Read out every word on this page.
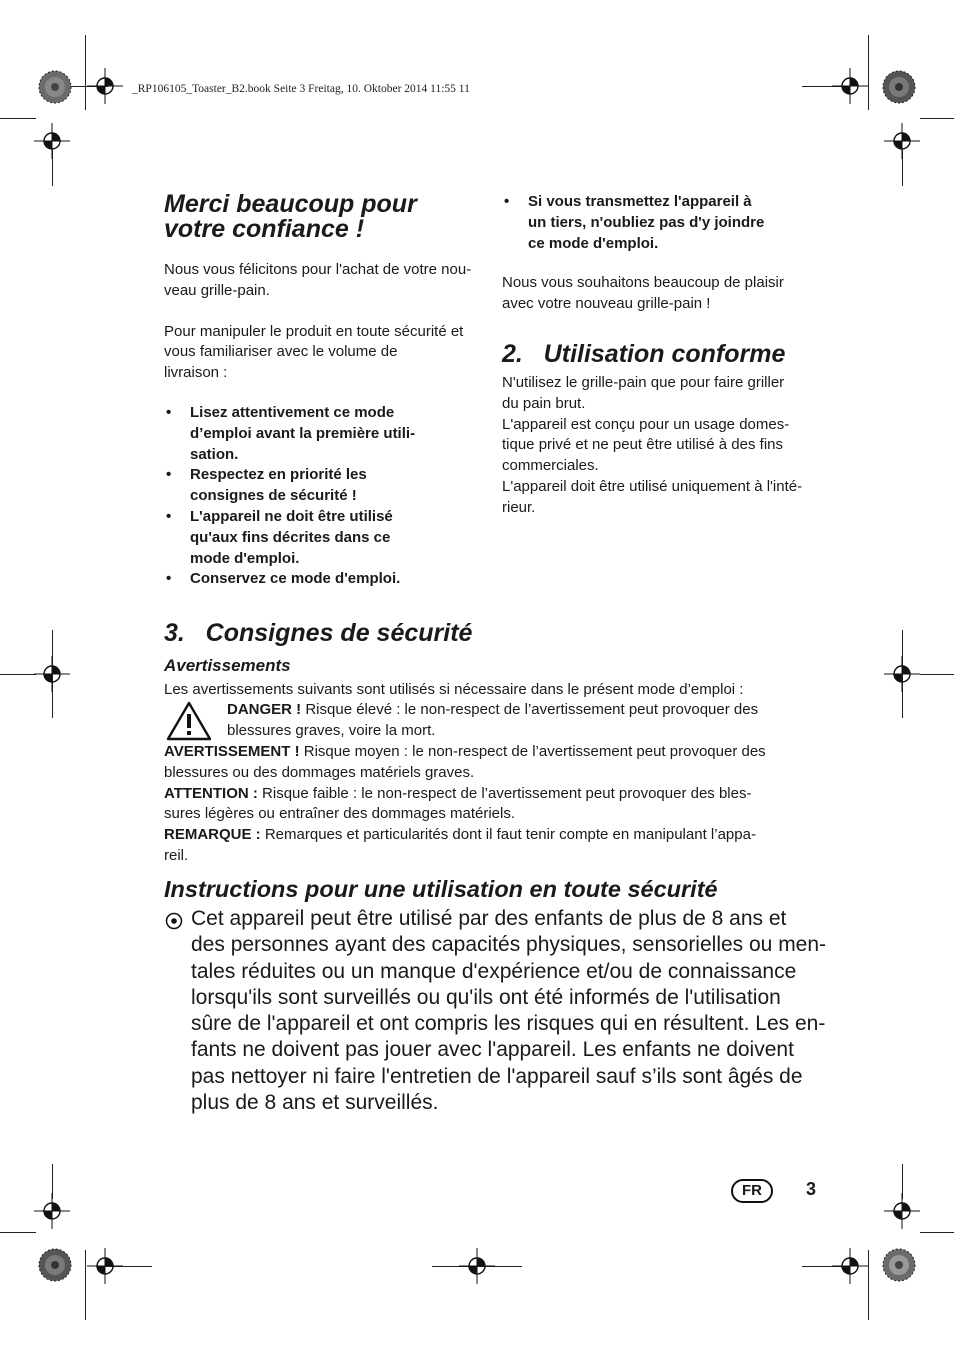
_RP106105_Toaster_B2.book Seite 3 Freitag, 10. Oktober 2014 11:55 11
Merci beaucoup pour
votre confiance !
Nous vous félicitons pour l'achat de votre nou-
veau grille-pain.
Pour manipuler le produit en toute sécurité et
vous familiariser avec le volume de
livraison :
• Lisez attentivement ce mode
d’emploi avant la première utili-
sation.
• Respectez en priorité les
consignes de sécurité !
• L'appareil ne doit être utilisé
qu'aux fins décrites dans ce
mode d'emploi.
• Conservez ce mode d'emploi.
• Si vous transmettez l'appareil à
un tiers, n'oubliez pas d'y joindre
ce mode d'emploi.
Nous vous souhaitons beaucoup de plaisir
avec votre nouveau grille-pain !
2.   Utilisation conforme
N'utilisez le grille-pain que pour faire griller
du pain brut.
L'appareil est conçu pour un usage domes-
tique privé et ne peut être utilisé à des fins
commerciales.
L'appareil doit être utilisé uniquement à l'inté-
rieur.
3.   Consignes de sécurité
Avertissements
Les avertissements suivants sont utilisés si nécessaire dans le présent mode d’emploi :
DANGER ! Risque élevé : le non-respect de l’avertissement peut provoquer des
blessures graves, voire la mort.
AVERTISSEMENT ! Risque moyen : le non-respect de l’avertissement peut provoquer des
blessures ou des dommages matériels graves.
ATTENTION : Risque faible : le non-respect de l’avertissement peut provoquer des bles-
sures légères ou entraîner des dommages matériels.
REMARQUE : Remarques et particularités dont il faut tenir compte en manipulant l’appa-
reil.
Instructions pour une utilisation en toute sécurité
Cet appareil peut être utilisé par des enfants de plus de 8 ans et
des personnes ayant des capacités physiques, sensorielles ou men-
tales réduites ou un manque d'expérience et/ou de connaissance
lorsqu'ils sont surveillés ou qu'ils ont été informés de l'utilisation
sûre de l'appareil et ont compris les risques qui en résultent. Les en-
fants ne doivent pas jouer avec l'appareil. Les enfants ne doivent
pas nettoyer ni faire l'entretien de l'appareil sauf s’ils sont âgés de
plus de 8 ans et surveillés.
FR	3
